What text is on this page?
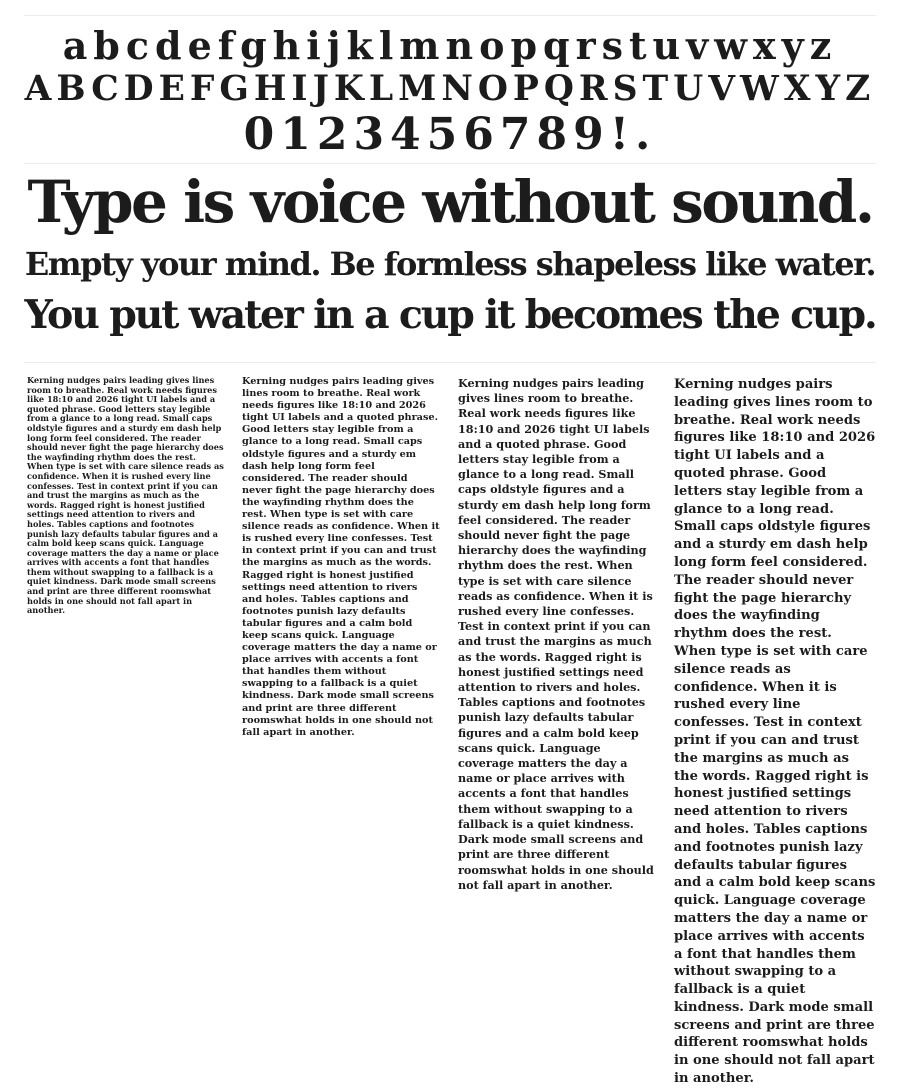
abcdefghijklmnopqrstuvwxyz
ABCDEFGHIJKLMNOPQRSTUVWXYZ
0123456789!.
Type is voice without sound.
Empty your mind. Be formless shapeless like water.
You put water in a cup it becomes the cup.
Kerning nudges pairs leading gives lines room to breathe. Real work needs figures like 18:10 and 2026 tight UI labels and a quoted phrase. Good letters stay legible from a glance to a long read. Small caps oldstyle figures and a sturdy em dash help long form feel considered. The reader should never fight the page hierarchy does the wayfinding rhythm does the rest. When type is set with care silence reads as confidence. When it is rushed every line confesses. Test in context print if you can and trust the margins as much as the words. Ragged right is honest justified settings need attention to rivers and holes. Tables captions and footnotes punish lazy defaults tabular figures and a calm bold keep scans quick. Language coverage matters the day a name or place arrives with accents a font that handles them without swapping to a fallback is a quiet kindness. Dark mode small screens and print are three different roomswhat holds in one should not fall apart in another.
Kerning nudges pairs leading gives lines room to breathe. Real work needs figures like 18:10 and 2026 tight UI labels and a quoted phrase. Good letters stay legible from a glance to a long read. Small caps oldstyle figures and a sturdy em dash help long form feel considered. The reader should never fight the page hierarchy does the wayfinding rhythm does the rest. When type is set with care silence reads as confidence. When it is rushed every line confesses. Test in context print if you can and trust the margins as much as the words. Ragged right is honest justified settings need attention to rivers and holes. Tables captions and footnotes punish lazy defaults tabular figures and a calm bold keep scans quick. Language coverage matters the day a name or place arrives with accents a font that handles them without swapping to a fallback is a quiet kindness. Dark mode small screens and print are three different roomswhat holds in one should not fall apart in another.
Kerning nudges pairs leading gives lines room to breathe. Real work needs figures like 18:10 and 2026 tight UI labels and a quoted phrase. Good letters stay legible from a glance to a long read. Small caps oldstyle figures and a sturdy em dash help long form feel considered. The reader should never fight the page hierarchy does the wayfinding rhythm does the rest. When type is set with care silence reads as confidence. When it is rushed every line confesses. Test in context print if you can and trust the margins as much as the words. Ragged right is honest justified settings need attention to rivers and holes. Tables captions and footnotes punish lazy defaults tabular figures and a calm bold keep scans quick. Language coverage matters the day a name or place arrives with accents a font that handles them without swapping to a fallback is a quiet kindness. Dark mode small screens and print are three different roomswhat holds in one should not fall apart in another.
Kerning nudges pairs leading gives lines room to breathe. Real work needs figures like 18:10 and 2026 tight UI labels and a quoted phrase. Good letters stay legible from a glance to a long read. Small caps oldstyle figures and a sturdy em dash help long form feel considered. The reader should never fight the page hierarchy does the wayfinding rhythm does the rest. When type is set with care silence reads as confidence. When it is rushed every line confesses. Test in context print if you can and trust the margins as much as the words. Ragged right is honest justified settings need attention to rivers and holes. Tables captions and footnotes punish lazy defaults tabular figures and a calm bold keep scans quick. Language coverage matters the day a name or place arrives with accents a font that handles them without swapping to a fallback is a quiet kindness. Dark mode small screens and print are three different roomswhat holds in one should not fall apart in another.
